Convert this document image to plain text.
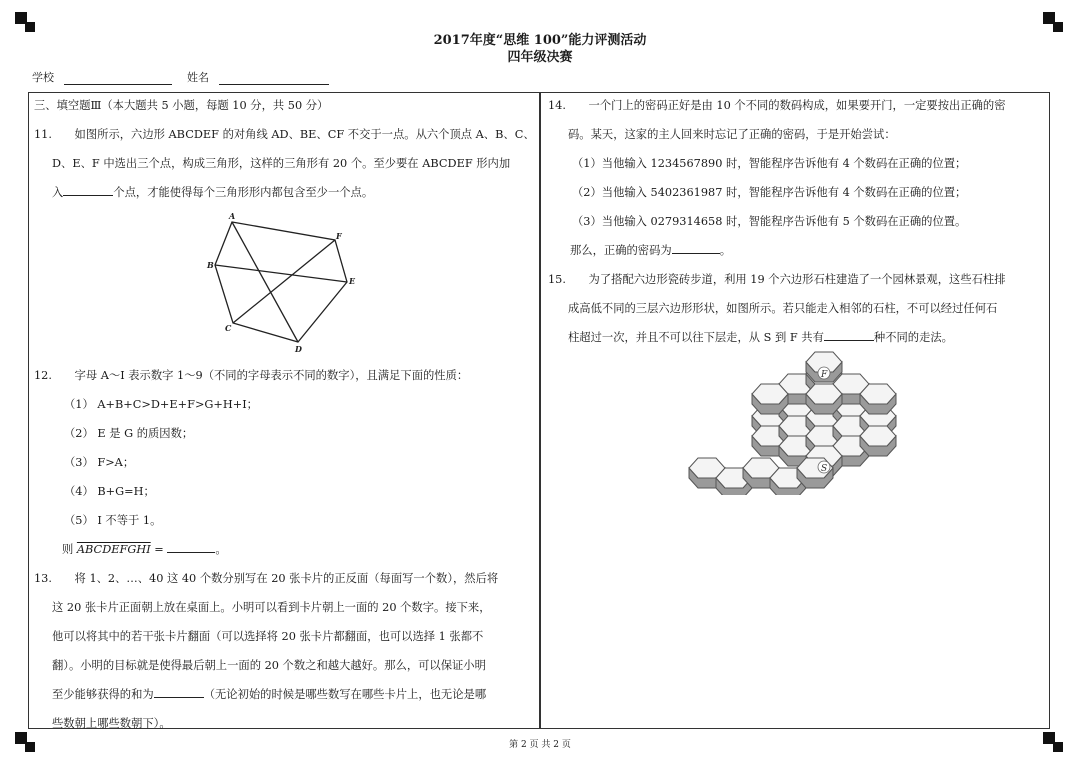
2017年度“思维 100”能力评测活动
四年级决赛
学校	姓名

三、填空题Ⅲ（本大题共 5 小题，每题 10 分，共 50 分）

11.　　如图所示，六边形 ABCDEF 的对角线 AD、BE、CF 不交于一点。从六个顶点 A、B、C、

D、E、F 中选出三个点，构成三角形，这样的三角形有 20 个。至少要在 ABCDEF 形内加

入	个点，才能使得每个三角形形内都包含至少一个点。

A
B
C
D
E
F

12.　　字母 A～I 表示数字 1～9（不同的字母表示不同的数字），且满足下面的性质：

（1） A+B+C>D+E+F>G+H+I；

（2） E 是 G 的质因数；

（3） F>A；

（4） B+G=H；

（5） I 不等于 1。

则 ABCDEFGHI =	。

13.　　将 1、2、…、40 这 40 个数分别写在 20 张卡片的正反面（每面写一个数），然后将

这 20 张卡片正面朝上放在桌面上。小明可以看到卡片朝上一面的 20 个数字。接下来，

他可以将其中的若干张卡片翻面（可以选择将 20 张卡片都翻面，也可以选择 1 张都不

翻）。小明的目标就是使得最后朝上一面的 20 个数之和越大越好。那么，可以保证小明

至少能够获得的和为	（无论初始的时候是哪些数写在哪些卡片上，也无论是哪

些数朝上哪些数朝下）。

14.　　一个门上的密码正好是由 10 个不同的数码构成，如果要开门，一定要按出正确的密

码。某天，这家的主人回来时忘记了正确的密码，于是开始尝试：

（1）当他输入 1234567890 时，智能程序告诉他有 4 个数码在正确的位置；

（2）当他输入 5402361987 时，智能程序告诉他有 4 个数码在正确的位置；

（3）当他输入 0279314658 时，智能程序告诉他有 5 个数码在正确的位置。

那么，正确的密码为	。

15.　　为了搭配六边形瓷砖步道，利用 19 个六边形石柱建造了一个园林景观，这些石柱排

成高低不同的三层六边形形状，如图所示。若只能走入相邻的石柱，不可以经过任何石

柱超过一次，并且不可以往下层走，从 S 到 F 共有	种不同的走法。

F
S
第 2 页 共 2 页
